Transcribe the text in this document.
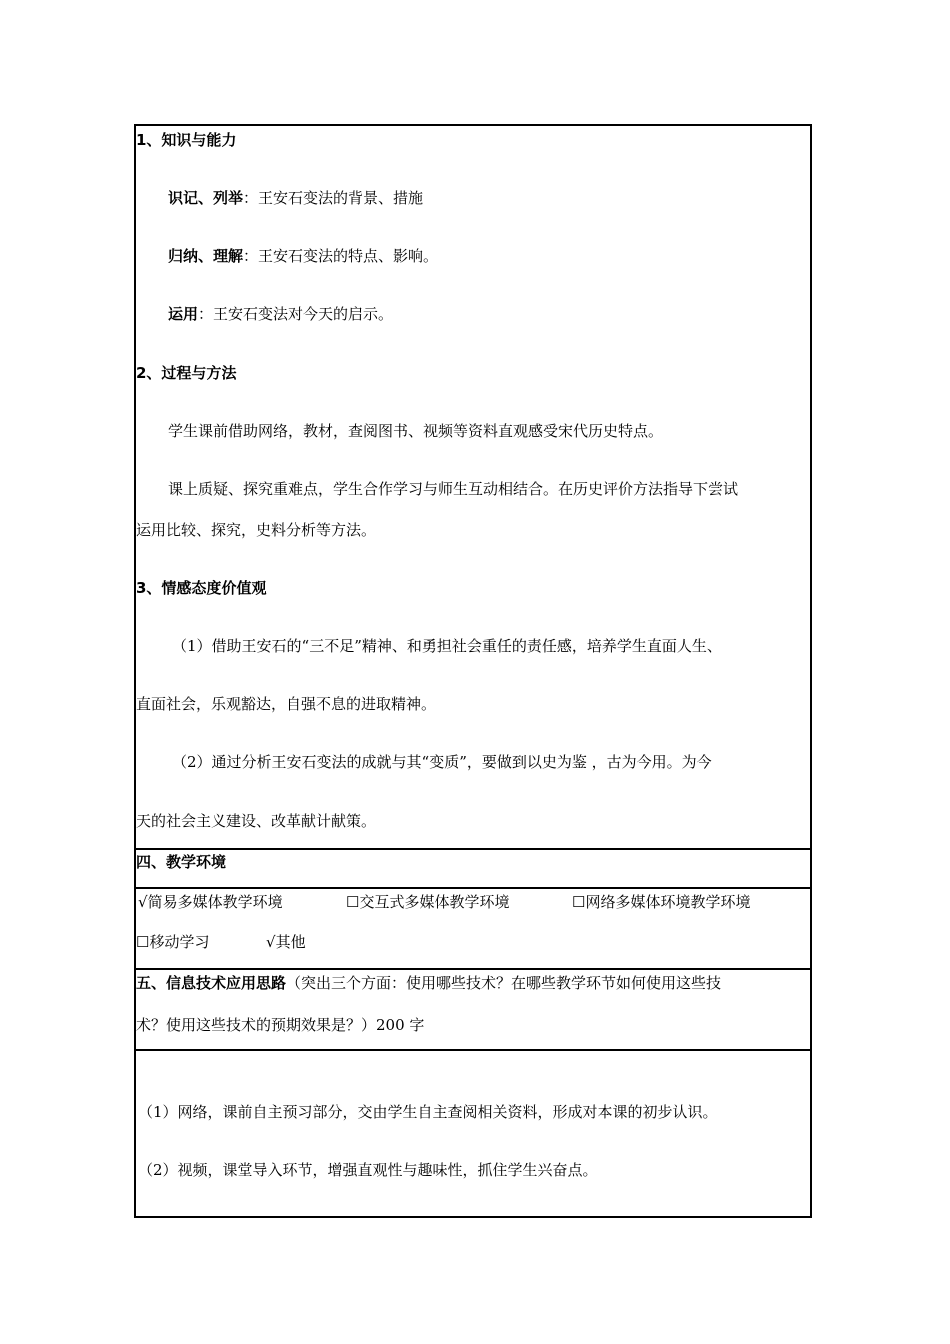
1、知识与能力
识记、列举：王安石变法的背景、措施
归纳、理解：王安石变法的特点、影响。
运用：王安石变法对今天的启示。
2、过程与方法
学生课前借助网络，教材，查阅图书、视频等资料直观感受宋代历史特点。
课上质疑、探究重难点，学生合作学习与师生互动相结合。在历史评价方法指导下尝试
运用比较、探究，史料分析等方法。
3、情感态度价值观
（1）借助王安石的“三不足”精神、和勇担社会重任的责任感，培养学生直面人生、
直面社会，乐观豁达，自强不息的进取精神。
（2）通过分析王安石变法的成就与其“变质”，要做到以史为鉴 ，古为今用。为今
天的社会主义建设、改革献计献策。
四、教学环境
√简易多媒体教学环境	☐交互式多媒体教学环境	☐网络多媒体环境教学环境
☐移动学习	√其他
五、信息技术应用思路（突出三个方面：使用哪些技术？在哪些教学环节如何使用这些技
术？使用这些技术的预期效果是？）200 字
（1）网络，课前自主预习部分，交由学生自主查阅相关资料，形成对本课的初步认识。
（2）视频，课堂导入环节，增强直观性与趣味性，抓住学生兴奋点。
